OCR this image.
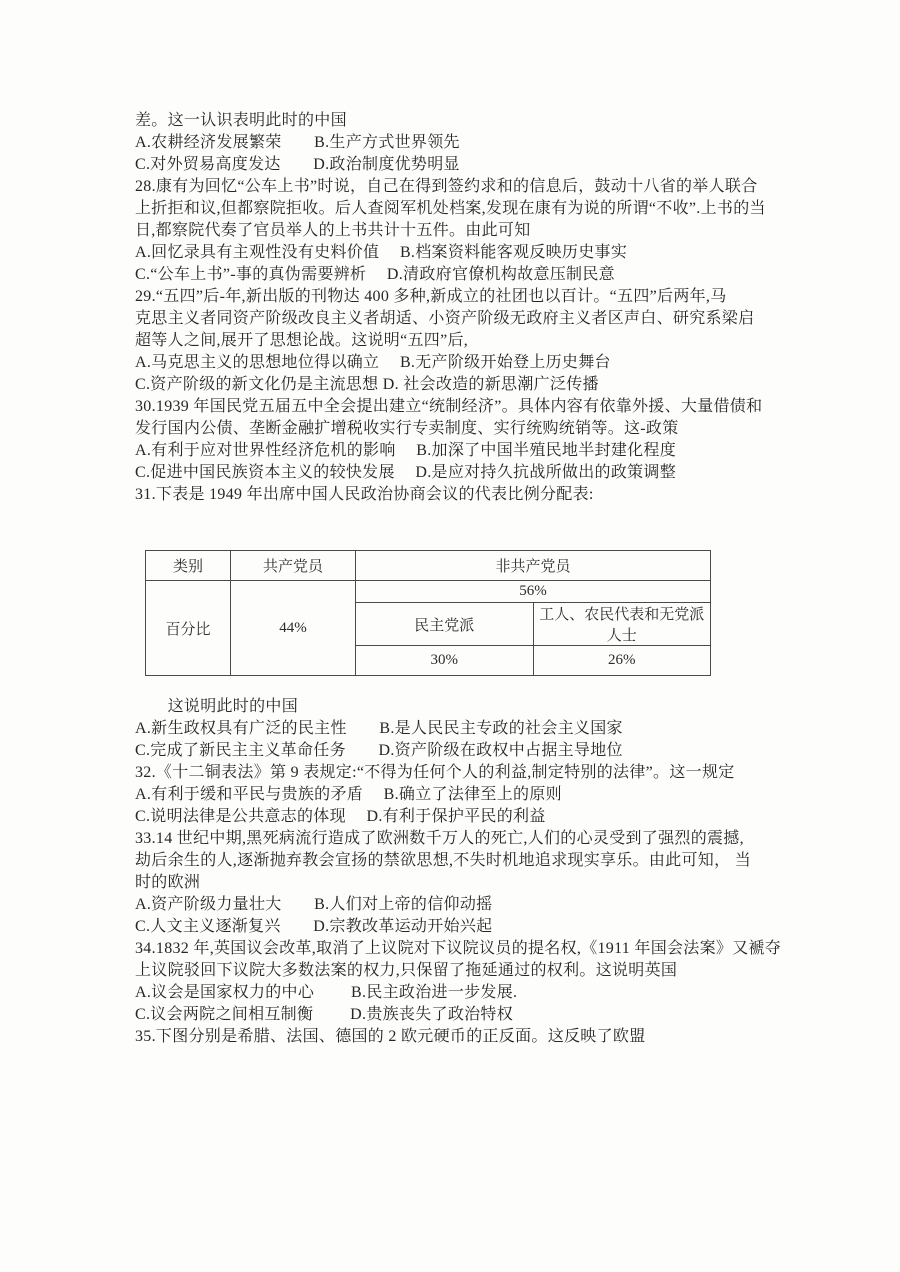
差。这一认识表明此时的中国
A.农耕经济发展繁荣　　B.生产方式世界领先
C.对外贸易高度发达　　D.政治制度优势明显
28.康有为回忆“公车上书”时说，自己在得到签约求和的信息后，鼓动十八省的举人联合
上折拒和议,但都察院拒收。后人查阅军机处档案,发现在康有为说的所谓“不收”.上书的当
日,都察院代奏了官员举人的上书共计十五件。由此可知
A.回忆录具有主观性没有史料价值　 B.档案资料能客观反映历史事实
C.“公车上书”-事的真伪需要辨析 　D.清政府官僚机构故意压制民意
29.“五四”后-年,新出版的刊物达 400 多种,新成立的社团也以百计。“五四”后两年,马
克思主义者同资产阶级改良主义者胡适、小资产阶级无政府主义者区声白、研究系梁启
超等人之间,展开了思想论战。这说明“五四”后,
A.马克思主义的思想地位得以确立 　B.无产阶级开始登上历史舞台
C.资产阶级的新文化仍是主流思想 D. 社会改造的新思潮广泛传播
30.1939 年国民党五届五中全会提出建立“统制经济”。具体内容有依靠外援、大量借债和
发行国内公债、垄断金融扩增税收实行专卖制度、实行统购统销等。这-政策
A.有利于应对世界性经济危机的影响　 B.加深了中国半殖民地半封建化程度
C.促进中国民族资本主义的较快发展 　D.是应对持久抗战所做出的政策调整
31.下表是 1949 年出席中国人民政治协商会议的代表比例分配表:
类别	共产党员	非共产党员	
百分比	44%	56%	
		民主党派	工人、农民代表和无党派人士
		30%	26%
　　这说明此时的中国
A.新生政权具有广泛的民主性　　B.是人民民主专政的社会主义国家
C.完成了新民主主义革命任务　　D.资产阶级在政权中占据主导地位
32.《十二铜表法》第 9 表规定:“不得为任何个人的利益,制定特别的法律”。这一规定
A.有利于缓和平民与贵族的矛盾 　B.确立了法律至上的原则
C.说明法律是公共意志的体现 　D.有利于保护平民的利益
33.14 世纪中期,黑死病流行造成了欧洲数千万人的死亡,人们的心灵受到了强烈的震撼,
劫后余生的人,逐渐抛弃教会宣扬的禁欲思想,不失时机地追求现实享乐。由此可知， 当
时的欧洲
A.资产阶级力量壮大　　B.人们对上帝的信仰动摇
C.人文主义逐渐复兴　　D.宗教改革运动开始兴起
34.1832 年,英国议会改革,取消了上议院对下议院议员的提名权,《1911 年国会法案》又褫夺
上议院驳回下议院大多数法案的权力,只保留了拖延通过的权利。这说明英国
A.议会是国家权力的中心 　　B.民主政治进一步发展.
C.议会两院之间相互制衡　 　D.贵族丧失了政治特权
35.下图分别是希腊、法国、德国的 2 欧元硬币的正反面。这反映了欧盟
